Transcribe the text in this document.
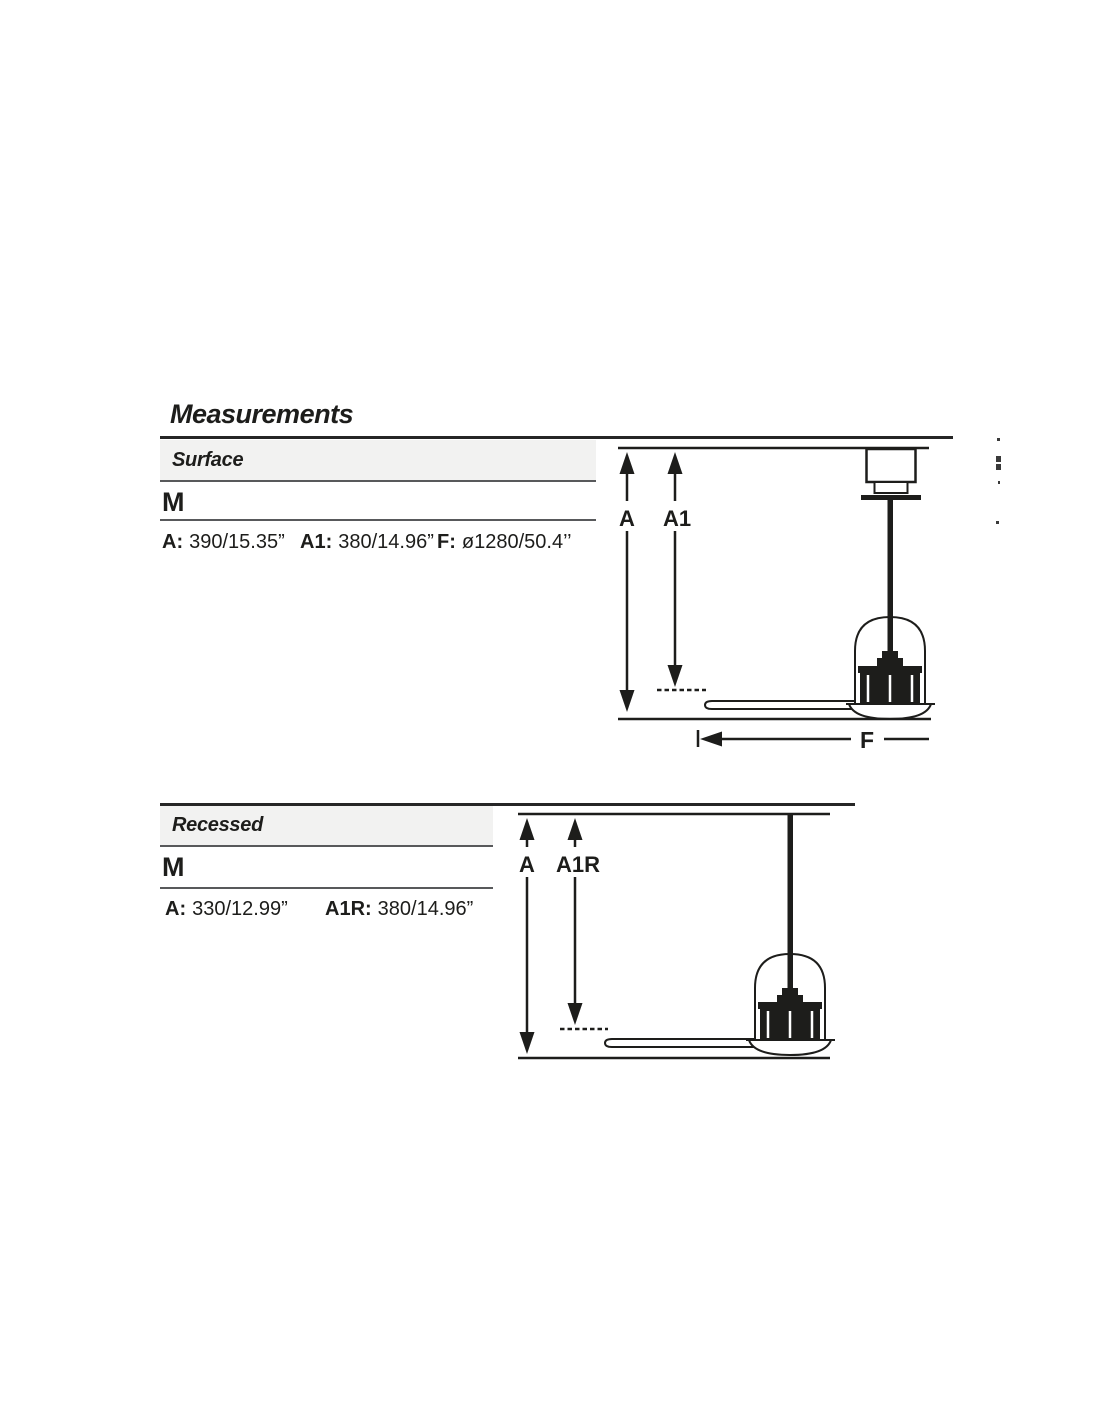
Measurements
Surface
M
A: 390/15.35” A1: 380/14.96” F: ø1280/50.4’’
A A1
F
Recessed
M
A: 330/12.99”	A1R: 380/14.96”
A A1R
